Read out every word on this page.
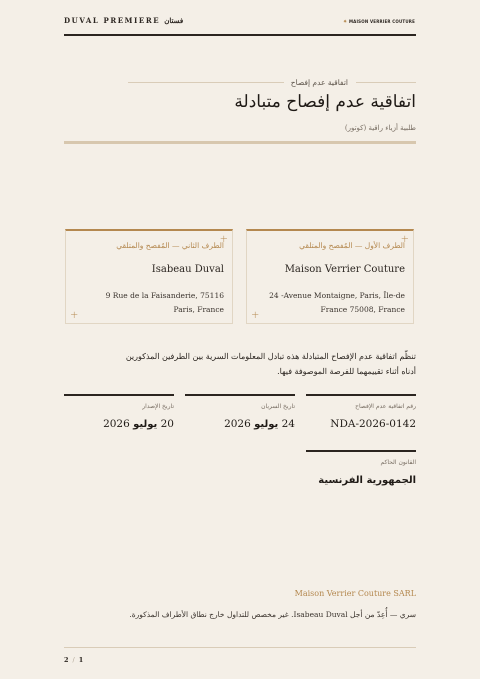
DUVAL PREMIERE فستان	✷ MAISON VERRIER COUTURE
اتفاقية عدم إفصاح
اتفاقية عدم إفصاح متبادلة
طلبية أزياء راقية (كوتور)
+
الطرف الأول — المُفصح والمتلقي
Maison Verrier Couture
24 -Avenue Montaigne, Paris, Île-de
France 75008, France
+
+
الطرف الثاني — المُفصح والمتلقي
Isabeau Duval
9 Rue de la Faisanderie, 75116
Paris, France
+
تنظّم اتفاقية عدم الإفصاح المتبادلة هذه تبادل المعلومات السرية بين الطرفين المذكورين أدناه أثناء تقييمهما للفرصة الموصوفة فيها.
رقم اتفاقية عدم الإفصاح
NDA-2026-0142
تاريخ السريان
24 يوليو 2026
تاريخ الإصدار
20 يوليو 2026
القانون الحاكم
الجمهورية الفرنسية
Maison Verrier Couture SARL
سري — أُعِدّ من أجل Isabeau Duval. غير مخصص للتداول خارج نطاق الأطراف المذكورة.
2 / 1
